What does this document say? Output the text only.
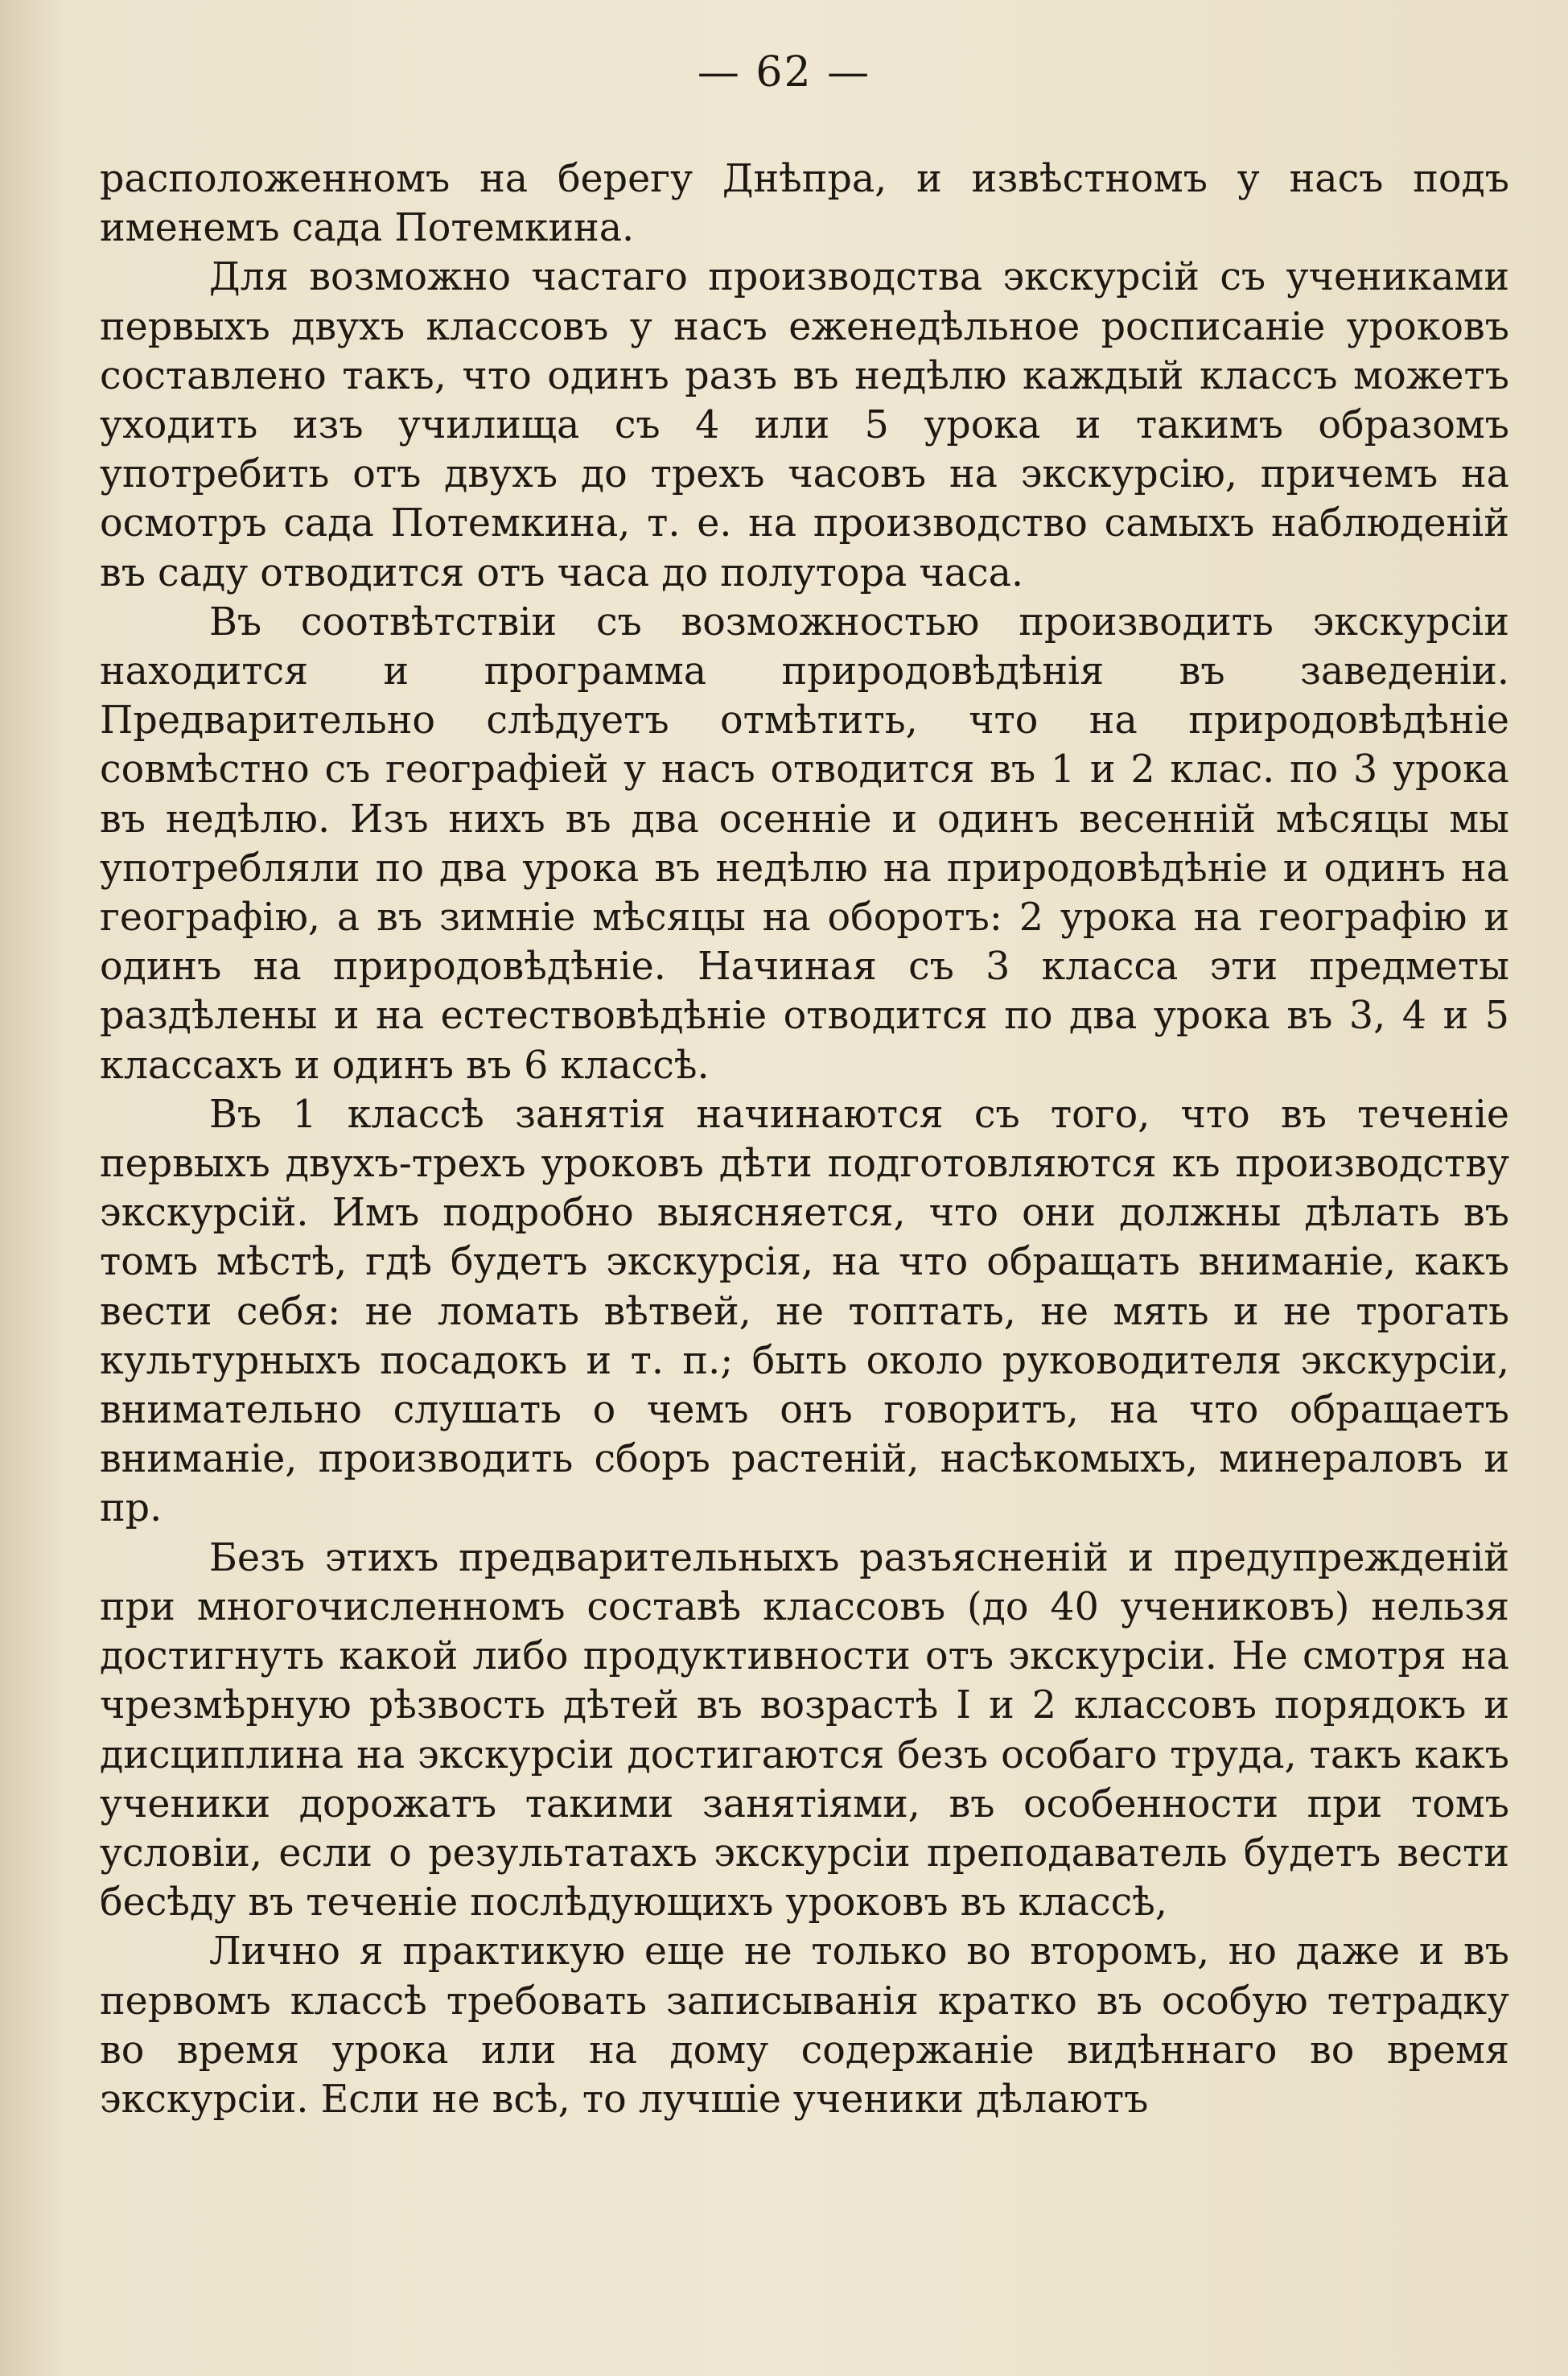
— 62 —

расположенномъ на берегу Днѣпра, и извѣстномъ у насъ подъ именемъ сада Потемкина.

Для возможно частаго производства экскурсій съ учениками первыхъ двухъ классовъ у насъ еженедѣльное росписаніе уроковъ составлено такъ, что одинъ разъ въ недѣлю каждый классъ можетъ уходить изъ училища съ 4 или 5 урока и такимъ образомъ употребить отъ двухъ до трехъ часовъ на экскурсію, причемъ на осмотръ сада Потемкина, т. е. на производство самыхъ наблюденій въ саду отводится отъ часа до полутора часа.

Въ соотвѣтствіи съ возможностью производить экскурсіи находится и программа природовѣдѣнія въ заведеніи. Предварительно слѣдуетъ отмѣтить, что на природовѣдѣніе совмѣстно съ географіей у насъ отводится въ 1 и 2 клас. по 3 урока въ недѣлю. Изъ нихъ въ два осенніе и одинъ весенній мѣсяцы мы употребляли по два урока въ недѣлю на природовѣдѣніе и одинъ на географію, а въ зимніе мѣсяцы на оборотъ: 2 урока на географію и одинъ на природовѣдѣніе. Начиная съ 3 класса эти предметы раздѣлены и на естествовѣдѣніе отводится по два урока въ 3, 4 и 5 классахъ и одинъ въ 6 классѣ.

Въ 1 классѣ занятія начинаются съ того, что въ теченіе первыхъ двухъ-трехъ уроковъ дѣти подготовляются къ производству экскурсій. Имъ подробно выясняется, что они должны дѣлать въ томъ мѣстѣ, гдѣ будетъ экскурсія, на что обращать вниманіе, какъ вести себя: не ломать вѣтвей, не топтать, не мять и не трогать культурныхъ посадокъ и т. п.; быть около руководителя экскурсіи, внимательно слушать о чемъ онъ говоритъ, на что обращаетъ вниманіе, производить сборъ растеній, насѣкомыхъ, минераловъ и пр.

Безъ этихъ предварительныхъ разъясненій и предупрежденій при многочисленномъ составѣ классовъ (до 40 учениковъ) нельзя достигнуть какой либо продуктивности отъ экскурсіи. Не смотря на чрезмѣрную рѣзвость дѣтей въ возрастѣ I и 2 классовъ порядокъ и дисциплина на экскурсіи достигаются безъ особаго труда, такъ какъ ученики дорожатъ такими занятіями, въ особенности при томъ условіи, если о результатахъ экскурсіи преподаватель будетъ вести бесѣду въ теченіе послѣдующихъ уроковъ въ классѣ,

Лично я практикую еще не только во второмъ, но даже и въ первомъ классѣ требовать записыванія кратко въ особую тетрадку во время урока или на дому содержаніе видѣннаго во время экскурсіи. Если не всѣ, то лучшіе ученики дѣлаютъ
